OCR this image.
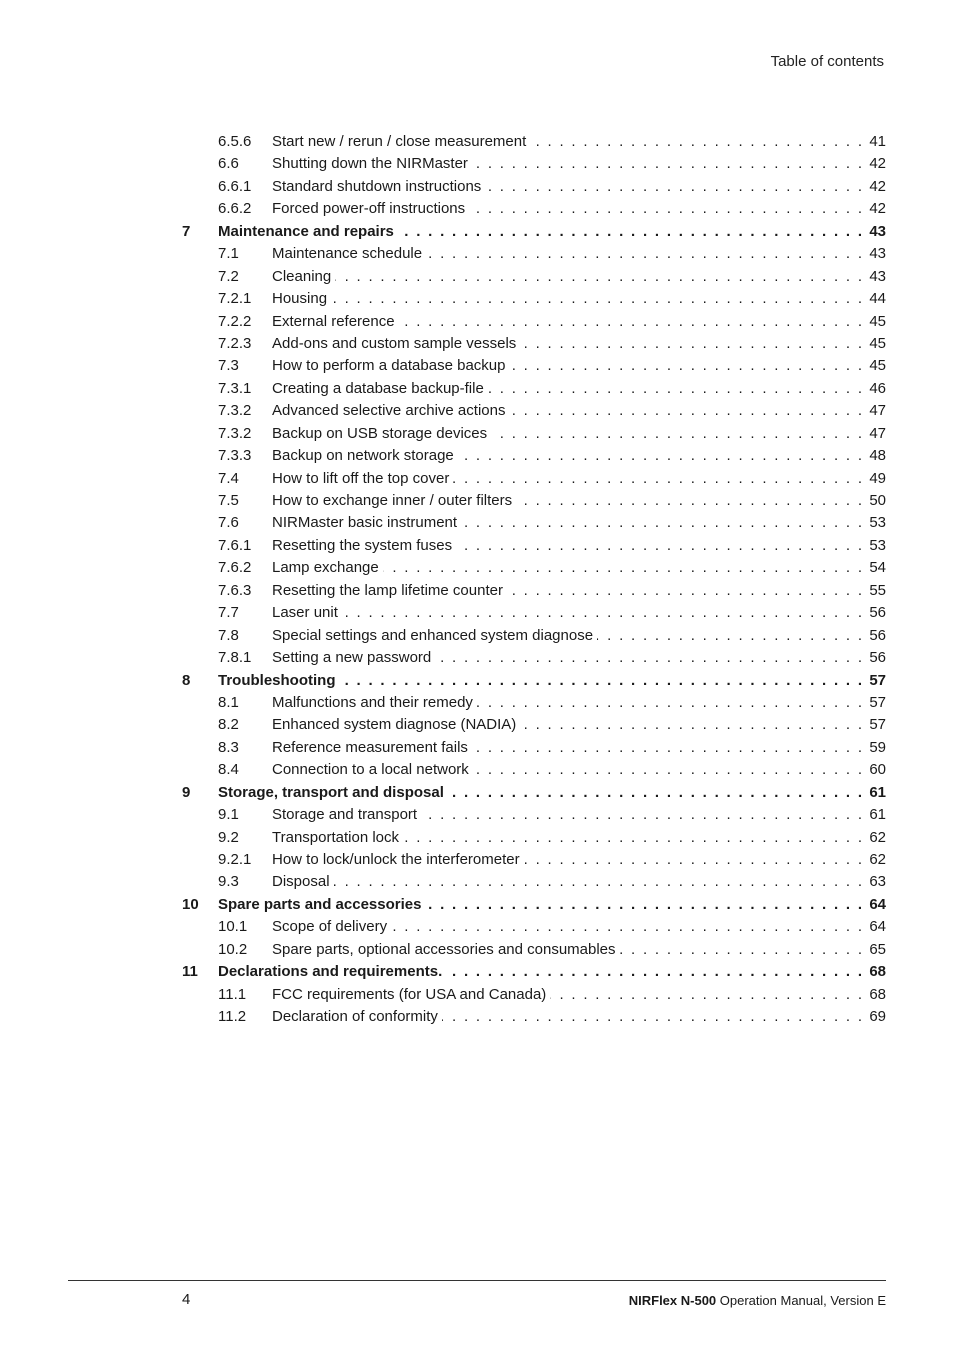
Table of contents
6.5.6 Start new / rerun / close measurement . . .	41
6.6 Shutting down the NIRMaster . . .	42
6.6.1 Standard shutdown instructions . . .	42
6.6.2 Forced power-off instructions . . .	42
7 Maintenance and repairs . . .	43
7.1 Maintenance schedule . . .	43
7.2 Cleaning . . .	43
7.2.1 Housing . . .	44
7.2.2 External reference . . .	45
7.2.3 Add-ons and custom sample vessels . . .	45
7.3 How to perform a database backup . . .	45
7.3.1 Creating a database backup-file . . .	46
7.3.2 Advanced selective archive actions . . .	47
7.3.2 Backup on USB storage devices . . .	47
7.3.3 Backup on network storage . . .	48
7.4 How to lift off the top cover . . .	49
7.5 How to exchange inner / outer filters . . .	50
7.6 NIRMaster basic instrument . . .	53
7.6.1 Resetting the system fuses . . .	53
7.6.2 Lamp exchange . . .	54
7.6.3 Resetting the lamp lifetime counter . . .	55
7.7 Laser unit . . .	56
7.8 Special settings and enhanced system diagnose . . .	56
7.8.1 Setting a new password . . .	56
8 Troubleshooting . . .	57
8.1 Malfunctions and their remedy . . .	57
8.2 Enhanced system diagnose (NADIA) . . .	57
8.3 Reference measurement fails . . .	59
8.4 Connection to a local network . . .	60
9 Storage, transport and disposal . . .	61
9.1 Storage and transport . . .	61
9.2 Transportation lock . . .	62
9.2.1 How to lock/unlock the interferometer . . .	62
9.3 Disposal . . .	63
10 Spare parts and accessories . . .	64
10.1 Scope of delivery . . .	64
10.2 Spare parts, optional accessories and consumables . . .	65
11 Declarations and requirements. . . .	68
11.1 FCC requirements (for USA and Canada) . . .	68
11.2 Declaration of conformity . . .	69
4	NIRFlex N-500 Operation Manual, Version E
